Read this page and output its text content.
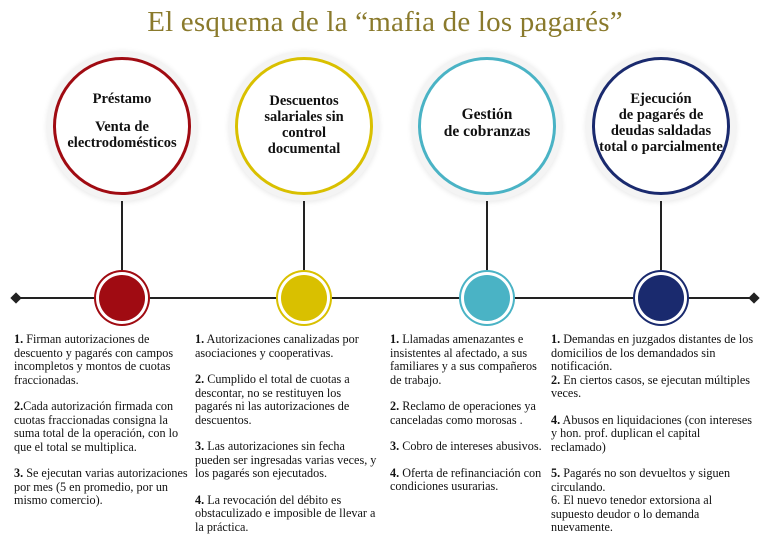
El esquema de la “mafia de los pagarés”
Préstamo
Venta de
electrodomésticos
Descuentos
salariales sin
control
documental
Gestión
de cobranzas
Ejecución
de pagarés de
deudas saldadas
total o parcialmente

1. Firman autorizaciones de descuento y pagarés con campos incompletos y montos de cuotas fraccionadas.

2.Cada autorización firmada con cuotas fraccionadas consigna la suma total de la operación, con lo que el total se multiplica.

3. Se ejecutan varias autorizaciones por mes (5 en promedio, por un mismo comercio).

1. Autorizaciones canalizadas por asociaciones y cooperativas.

2. Cumplido el total de cuotas a descontar, no se restituyen los pagarés ni las autorizaciones de descuentos.

3. Las autorizaciones sin fecha pueden ser ingresadas varias veces, y los pagarés son ejecutados.

4. La revocación del débito es obstaculizado e imposible de llevar a la práctica.

1. Llamadas amenazantes e insistentes al afectado, a sus familiares y a sus compañeros de trabajo.

2. Reclamo de operaciones ya canceladas como morosas .

3. Cobro de intereses abusivos.

4. Oferta de refinanciación con condiciones usurarias.

1. Demandas en juzgados distantes de los domicilios de los demandados sin notificación.
2. En ciertos casos, se ejecutan múltiples veces.

4. Abusos en liquidaciones (con intereses y hon. prof. duplican el capital reclamado)

5. Pagarés no son devueltos y siguen circulando.
6. El nuevo tenedor extorsiona al supuesto deudor o lo demanda nuevamente.
